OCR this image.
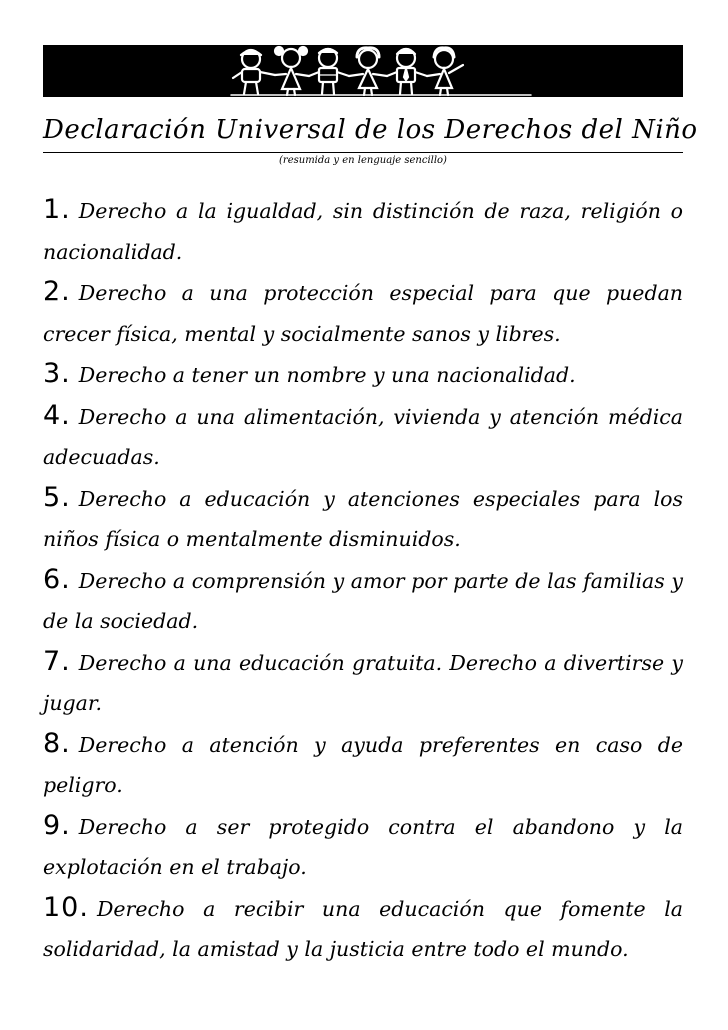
Declaración Universal de los Derechos del Niño
(resumida y en lenguaje sencillo)

1. Derecho a la igualdad, sin distinción de raza, religión o nacionalidad.

2. Derecho a una protección especial para que puedan crecer física, mental y socialmente sanos y libres.

3. Derecho a tener un nombre y una nacionalidad.

4. Derecho a una alimentación, vivienda y atención médica adecuadas.

5. Derecho a educación y atenciones especiales para los niños física o mentalmente disminuidos.

6. Derecho a comprensión y amor por parte de las familias y de la sociedad.

7. Derecho a una educación gratuita. Derecho a divertirse y jugar.

8. Derecho a atención y ayuda preferentes en caso de peligro.

9. Derecho a ser protegido contra el abandono y la explotación en el trabajo.

10. Derecho a recibir una educación que fomente la solidaridad, la amistad y la justicia entre todo el mundo.
